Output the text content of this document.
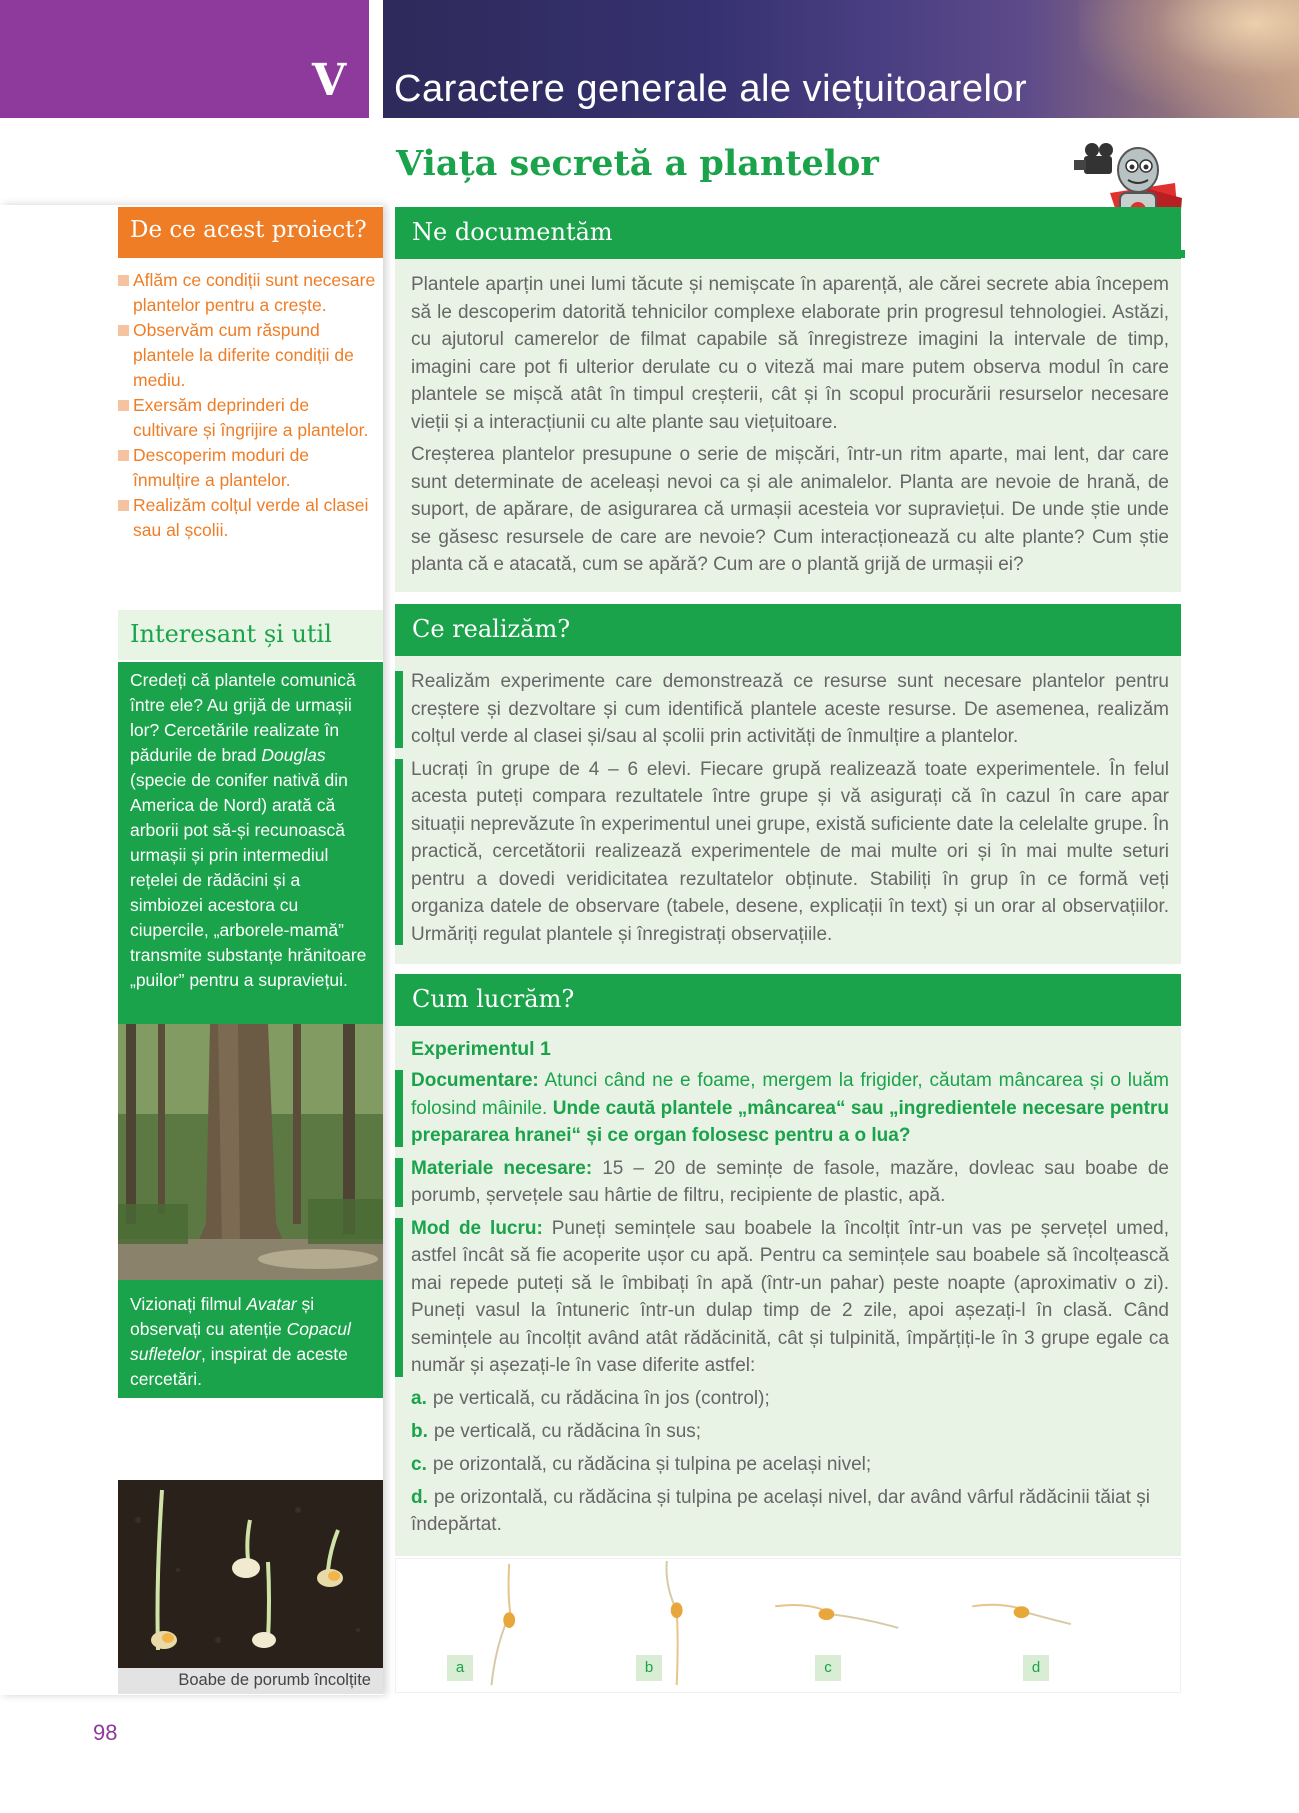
V Caractere generale ale viețuitoarelor
Viața secretă a plantelor
De ce acest proiect?
Aflăm ce condiții sunt necesare plantelor pentru a crește.
Observăm cum răspund plantele la diferite condiții de mediu.
Exersăm deprinderi de cultivare și îngrijire a plantelor.
Descoperim moduri de înmulțire a plantelor.
Realizăm colțul verde al clasei sau al școlii.
Interesant și util
Credeți că plantele comunică între ele? Au grijă de urmașii lor? Cercetările realizate în pădurile de brad Douglas (specie de conifer nativă din America de Nord) arată că arborii pot să-și recunoască urmașii și prin intermediul rețelei de rădăcini și a simbiozei acestora cu ciupercile, „arborele-mamă” transmite substanțe hrănitoare „puilor” pentru a supraviețui.
Vizionați filmul Avatar și observați cu atenție Copacul sufletelor, inspirat de aceste cercetări.
Boabe de porumb încolțite
98
Ne documentăm

Plantele aparțin unei lumi tăcute și nemișcate în aparență, ale cărei secrete abia începem să le descoperim datorită tehnicilor complexe elaborate prin progresul tehnologiei. Astăzi, cu ajutorul camerelor de filmat capabile să înregistreze imagini la intervale de timp, imagini care pot fi ulterior derulate cu o viteză mai mare putem observa modul în care plantele se mișcă atât în timpul creșterii, cât și în scopul procurării resurselor necesare vieții și a interacțiunii cu alte plante sau viețuitoare.

Creșterea plantelor presupune o serie de mișcări, într-un ritm aparte, mai lent, dar care sunt determinate de aceleași nevoi ca și ale animalelor. Planta are nevoie de hrană, de suport, de apărare, de asigurarea că urmașii acesteia vor supraviețui. De unde știe unde se găsesc resursele de care are nevoie? Cum interacționează cu alte plante? Cum știe planta că e atacată, cum se apără? Cum are o plantă grijă de urmașii ei?

Ce realizăm?

Realizăm experimente care demonstrează ce resurse sunt necesare plantelor pentru creștere și dezvoltare și cum identifică plantele aceste resurse. De asemenea, realizăm colțul verde al clasei și/sau al școlii prin activități de înmulțire a plantelor.

Lucrați în grupe de 4 – 6 elevi. Fiecare grupă realizează toate experimentele. În felul acesta puteți compara rezultatele între grupe și vă asigurați că în cazul în care apar situații neprevăzute în experimentul unei grupe, există suficiente date la celelalte grupe. În practică, cercetătorii realizează experimentele de mai multe ori și în mai multe seturi pentru a dovedi veridicitatea rezultatelor obținute. Stabiliți în grup în ce formă veți organiza datele de observare (tabele, desene, explicații în text) și un orar al observațiilor. Urmăriți regulat plantele și înregistrați observațiile.

Cum lucrăm?
Experimentul 1

Documentare: Atunci când ne e foame, mergem la frigider, căutam mâncarea și o luăm folosind mâinile. Unde caută plantele „mâncarea“ sau „ingredientele necesare pentru prepararea hranei“ și ce organ folosesc pentru a o lua?

Materiale necesare: 15 – 20 de semințe de fasole, mazăre, dovleac sau boabe de porumb, șervețele sau hârtie de filtru, recipiente de plastic, apă.

Mod de lucru: Puneți semințele sau boabele la încolțit într-un vas pe șervețel umed, astfel încât să fie acoperite ușor cu apă. Pentru ca semințele sau boabele să încolțească mai repede puteți să le îmbibați în apă (într-un pahar) peste noapte (aproximativ o zi). Puneți vasul la întuneric într-un dulap timp de 2 zile, apoi așezați-l în clasă. Când semințele au încolțit având atât rădăcinită, cât și tulpinită, împărțiți-le în 3 grupe egale ca număr și așezați-le în vase diferite astfel:

a. pe verticală, cu rădăcina în jos (control);
b. pe verticală, cu rădăcina în sus;
c. pe orizontală, cu rădăcina și tulpina pe același nivel;
d. pe orizontală, cu rădăcina și tulpina pe același nivel, dar având vârful rădăcinii tăiat și îndepărtat.
a	b	c	d
